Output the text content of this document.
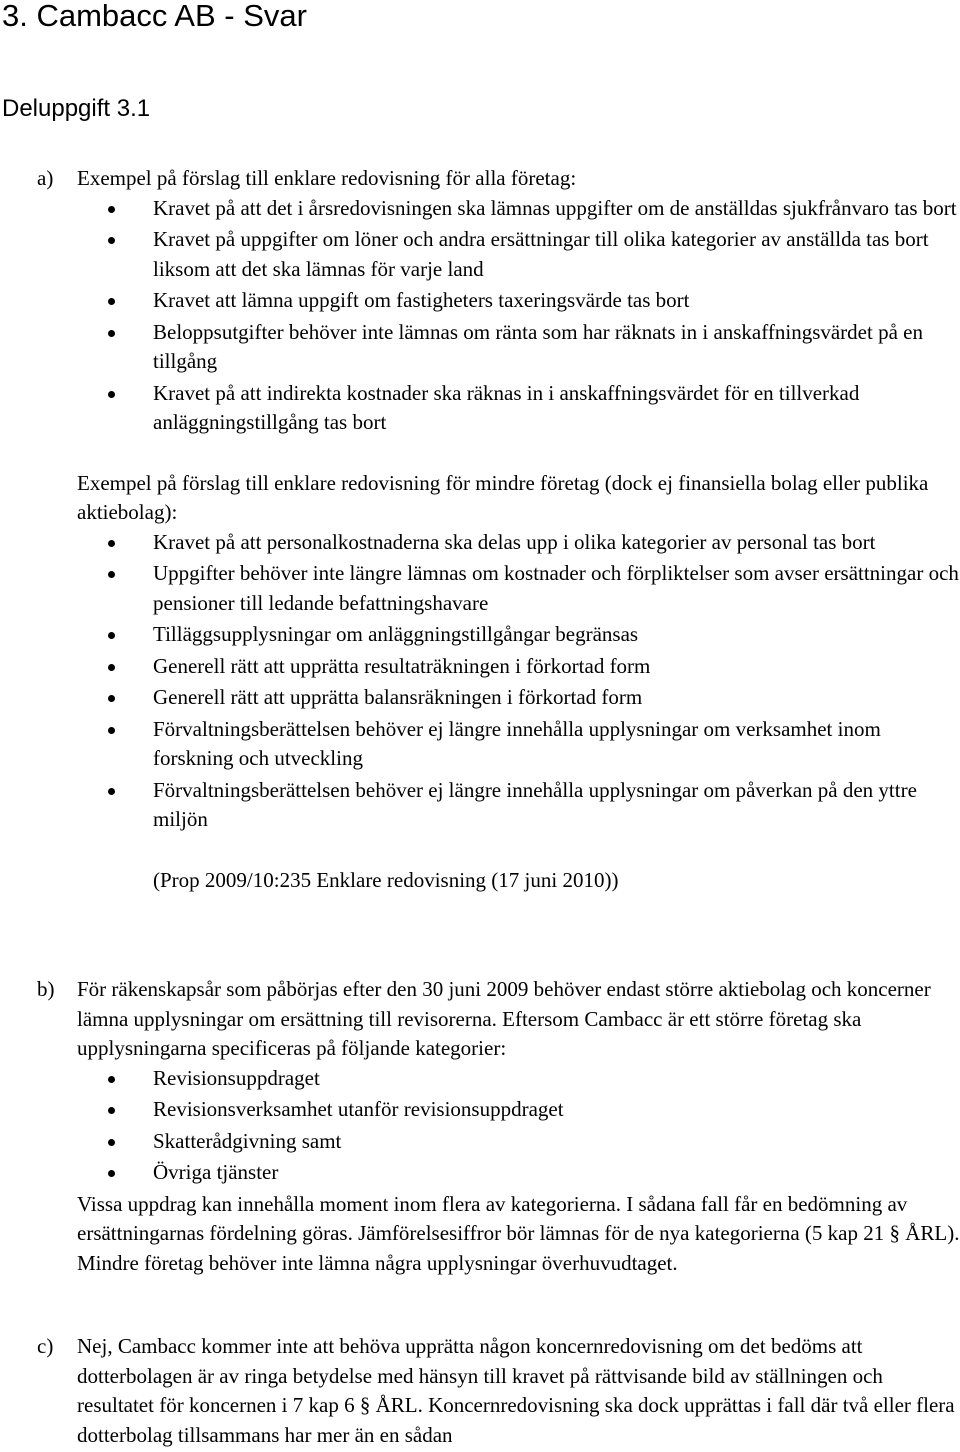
3. Cambacc AB - Svar
Deluppgift 3.1
a) Exempel på förslag till enklare redovisning för alla företag:

Kravet på att det i årsredovisningen ska lämnas uppgifter om de anställdas sjukfrånvaro tas bort
Kravet på uppgifter om löner och andra ersättningar till olika kategorier av anställda tas bort liksom att det ska lämnas för varje land
Kravet att lämna uppgift om fastigheters taxeringsvärde tas bort
Beloppsutgifter behöver inte lämnas om ränta som har räknats in i anskaffningsvärdet på en tillgång
Kravet på att indirekta kostnader ska räknas in i anskaffningsvärdet för en tillverkad anläggningstillgång tas bort

Exempel på förslag till enklare redovisning för mindre företag (dock ej finansiella bolag eller publika aktiebolag):

Kravet på att personalkostnaderna ska delas upp i olika kategorier av personal tas bort
Uppgifter behöver inte längre lämnas om kostnader och förpliktelser som avser ersättningar och pensioner till ledande befattningshavare
Tilläggsupplysningar om anläggningstillgångar begränsas
Generell rätt att upprätta resultaträkningen i förkortad form
Generell rätt att upprätta balansräkningen i förkortad form
Förvaltningsberättelsen behöver ej längre innehålla upplysningar om verksamhet inom forskning och utveckling
Förvaltningsberättelsen behöver ej längre innehålla upplysningar om påverkan på den yttre miljön

(Prop 2009/10:235 Enklare redovisning (17 juni 2010))

b) För räkenskapsår som påbörjas efter den 30 juni 2009 behöver endast större aktiebolag och koncerner lämna upplysningar om ersättning till revisorerna. Eftersom Cambacc är ett större företag ska upplysningarna specificeras på följande kategorier:

Revisionsuppdraget
Revisionsverksamhet utanför revisionsuppdraget
Skatterådgivning samt
Övriga tjänster

Vissa uppdrag kan innehålla moment inom flera av kategorierna. I sådana fall får en bedömning av ersättningarnas fördelning göras. Jämförelsesiffror bör lämnas för de nya kategorierna (5 kap 21 § ÅRL). Mindre företag behöver inte lämna några upplysningar överhuvudtaget.

c) Nej, Cambacc kommer inte att behöva upprätta någon koncernredovisning om det bedöms att dotterbolagen är av ringa betydelse med hänsyn till kravet på rättvisande bild av ställningen och resultatet för koncernen i 7 kap 6 § ÅRL. Koncernredovisning ska dock upprättas i fall där två eller flera dotterbolag tillsammans har mer än en sådan
